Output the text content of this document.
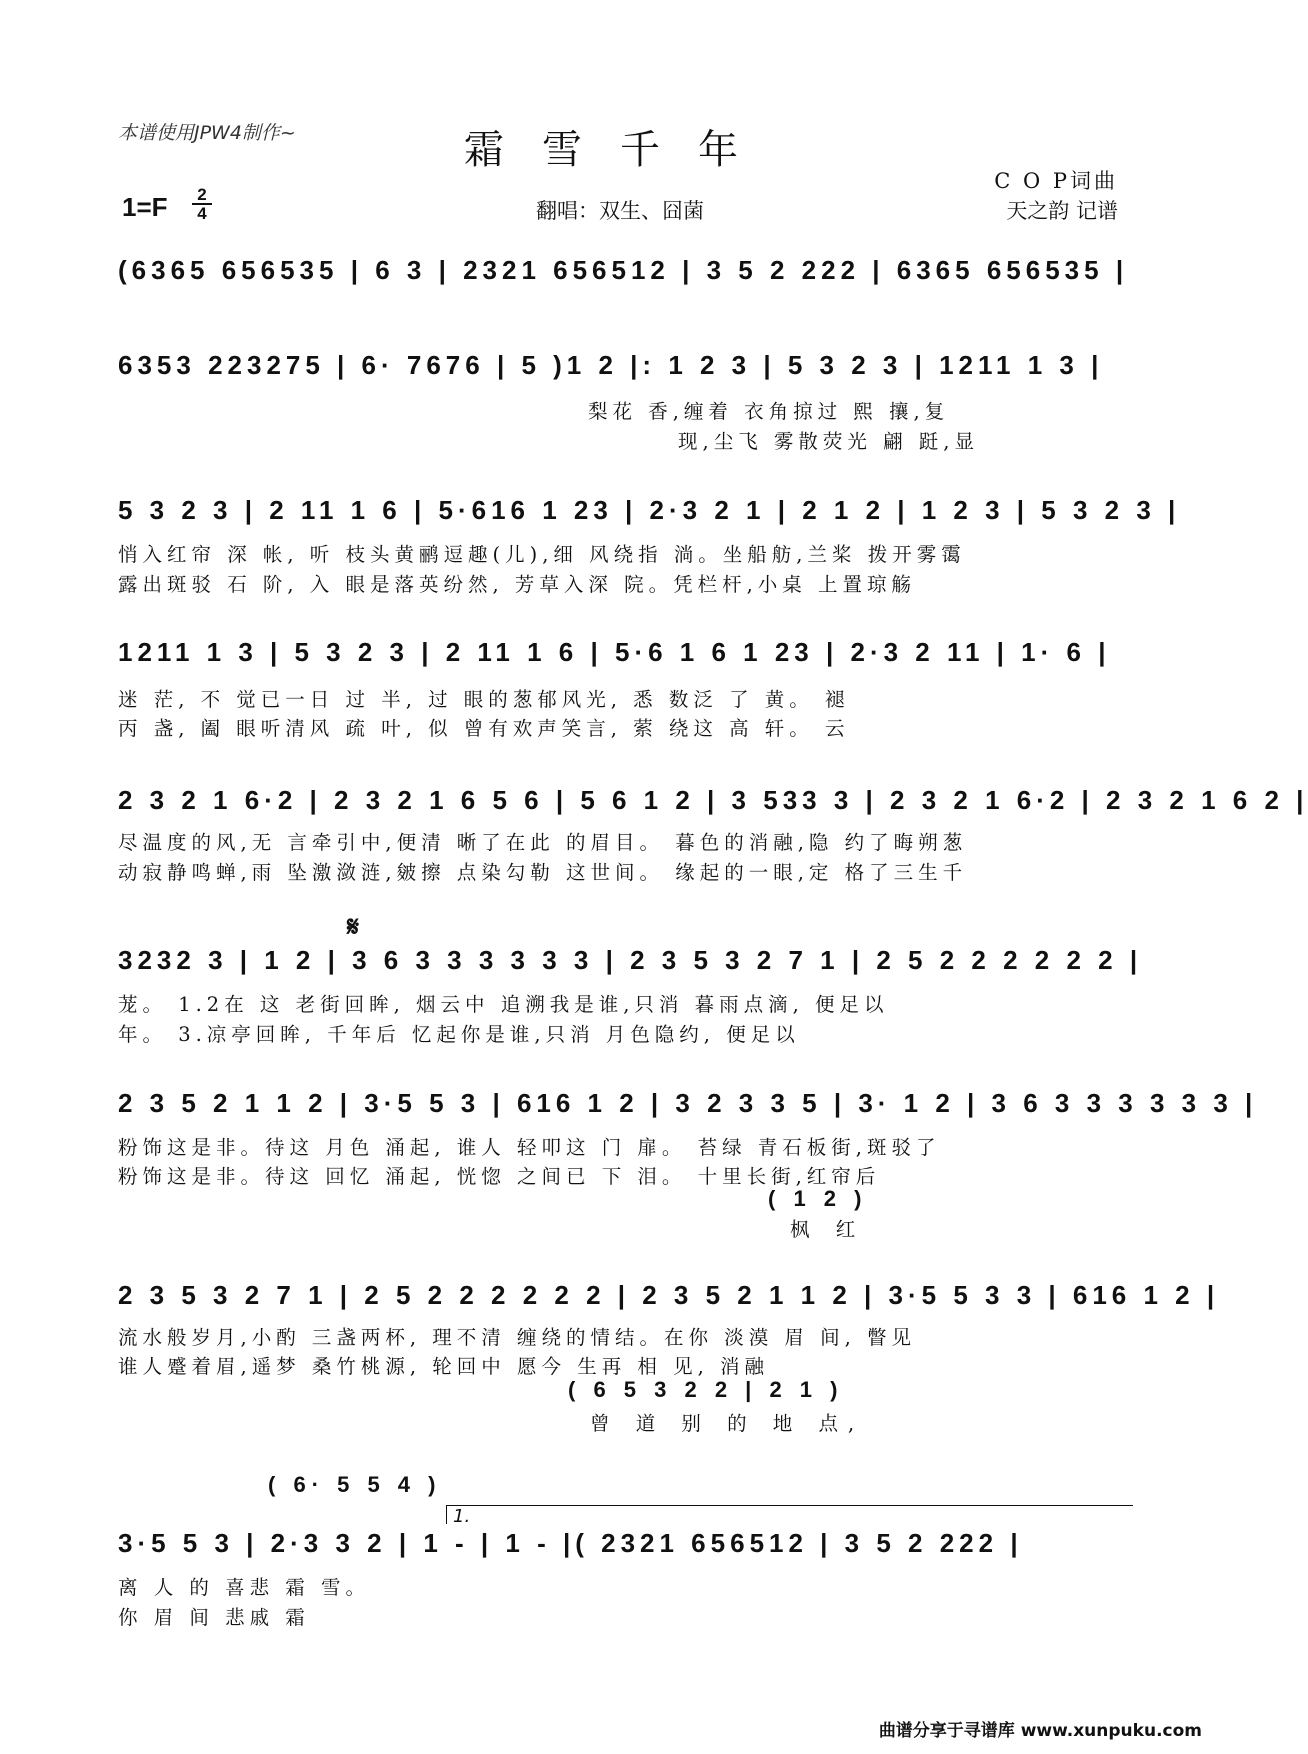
本谱使用JPW4制作~	霜雪千年
C O P词曲
天之韵 记谱
翻唱：双生、囧菌
$1=F \frac{2}{4}$
(6365 656535 | 6 3 | 2321 656512 | 3 5 2 222 | 6365 656535 |
6353 223275 | 6· 7676 | 5 )1 2 |: 1 2 3 | 5 3 2 3 | 1211 1 3 |
梨花 香,缠着 衣角掠过 熙 攘,复
现,尘飞 雾散荧光 翩 跹,显
5 3 2 3 | 2 11 1 6 | 5·616 1 23 | 2·3 2 1 | 2 1 2 | 1 2 3 | 5 3 2 3 |
悄入红帘 深 帐, 听 枝头黄鹂逗趣(儿),细 风绕指 淌。坐船舫,兰桨 拨开雾霭
露出斑驳 石 阶, 入 眼是落英纷然, 芳草入深 院。凭栏杆,小桌 上置琼觞
1211 1 3 | 5 3 2 3 | 2 11 1 6 | 5·6 1 6 1 23 | 2·3 2 11 | 1· 6 |
迷 茫, 不 觉已一日 过 半, 过 眼的葱郁风光, 悉 数泛 了 黄。 褪
丙 盏, 阖 眼听清风 疏 叶, 似 曾有欢声笑言, 萦 绕这 高 轩。 云
2 3 2 1 6·2 | 2 3 2 1 6 5 6 | 5 6 1 2 | 3 533 3 | 2 3 2 1 6·2 | 2 3 2 1 6 2 |
尽温度的风,无 言牵引中,便清 晰了在此 的眉目。 暮色的消融,隐 约了晦朔葱
动寂静鸣蝉,雨 坠激潋涟,皴擦 点染勾勒 这世间。 缘起的一眼,定 格了三生千
𝄋
3232 3 | 1 2 | 3 6 3 3 3 3 3 3 | 2 3 5 3 2 7 1 | 2 5 2 2 2 2 2 2 |
茏。 1.2在 这 老街回眸, 烟云中 追溯我是谁,只消 暮雨点滴, 便足以
年。 3.凉亭回眸, 千年后 忆起你是谁,只消 月色隐约, 便足以
2 3 5 2 1 1 2 | 3·5 5 3 | 616 1 2 | 3 2 3 3 5 | 3· 1 2 | 3 6 3 3 3 3 3 3 |
粉饰这是非。待这 月色 涌起, 谁人 轻叩这 门 扉。 苔绿 青石板街,斑驳了
粉饰这是非。待这 回忆 涌起, 恍惚 之间已 下 泪。 十里长街,红帘后
( 1 2 )
枫 红
2 3 5 3 2 7 1 | 2 5 2 2 2 2 2 2 | 2 3 5 2 1 1 2 | 3·5 5 3 3 | 616 1 2 |
流水般岁月,小酌 三盏两杯, 理不清 缠绕的情结。在你 淡漠 眉 间, 瞥见
谁人蹙着眉,遥梦 桑竹桃源, 轮回中 愿今 生再 相 见, 消融
( 6 5 3 2 2 | 2 1 )
曾 道 别 的 地 点,
( 6· 5 5 4 )
1.
3·5 5 3 | 2·3 3 2 | 1 - | 1 - |( 2321 656512 | 3 5 2 222 |
离 人 的 喜悲 霜 雪。
你 眉 间 悲戚 霜
曲谱分享于寻谱库 www.xunpuku.com
